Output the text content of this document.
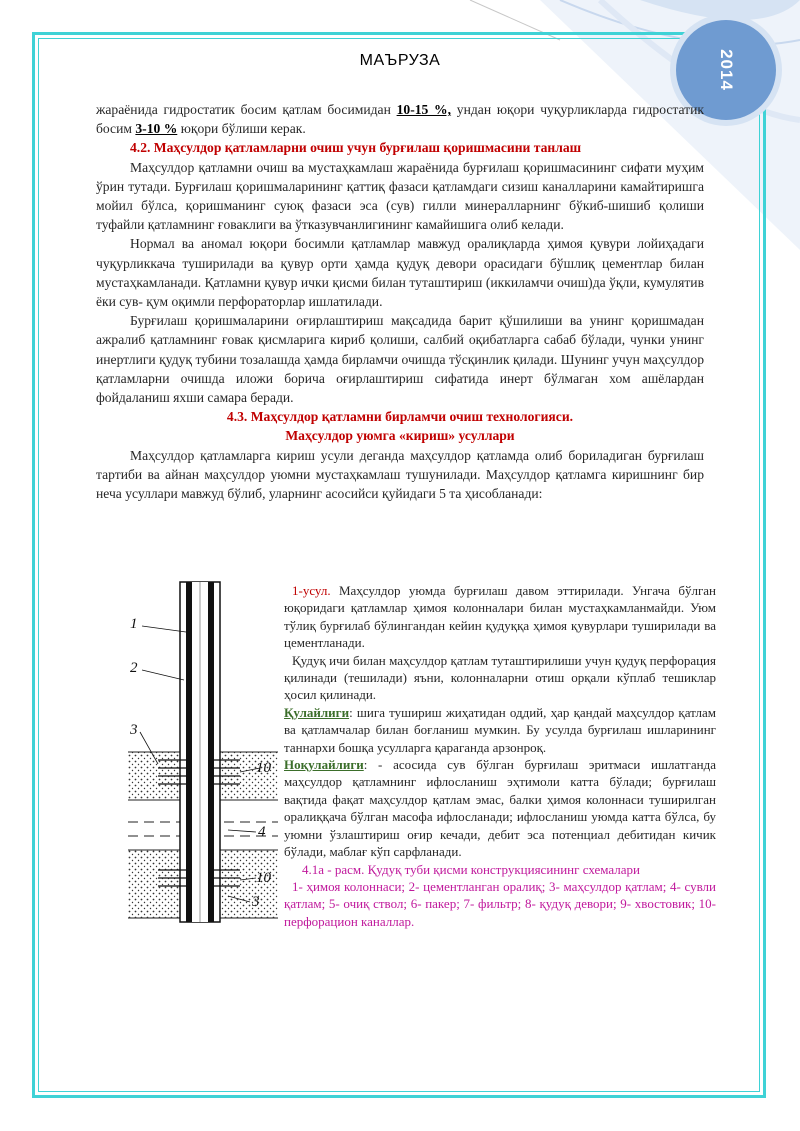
2014
МАЪРУЗА

жараёнида гидростатик босим қатлам босимидан 10-15 %, ундан юқори чуқурликларда гидростатик босим 3-10 % юқори бўлиши керак.

4.2. Маҳсулдор қатламларни очиш учун бурғилаш қоришмасини танлаш

Маҳсулдор қатламни очиш ва мустаҳкамлаш жараёнида бурғилаш қоришмасининг сифати муҳим ўрин тутади. Бурғилаш қоришмаларининг қаттиқ фазаси қатламдаги сизиш каналларини камайтиришга мойил бўлса, қоришманинг суюқ фазаси эса (сув) гилли минералларнинг бўкиб-шишиб қолиши туфайли қатламнинг ғоваклиги ва ўтказувчанлигининг камайишига олиб келади.

Нормал ва аномал юқори босимли қатламлар мавжуд оралиқларда ҳимоя қувури лойиҳадаги чуқурликкача туширилади ва қувур орти ҳамда қудуқ девори орасидаги бўшлиқ цементлар билан мустаҳкамланади. Қатламни қувур ички қисми билан туташтириш (иккиламчи очиш)да ўқли, кумулятив ёки сув- қум оқимли перфораторлар ишлатилади.

Бурғилаш қоришмаларини оғирлаштириш мақсадида барит қўшилиши ва унинг қоришмадан ажралиб қатламнинг ғовак қисмларига кириб қолиши, салбий оқибатларга сабаб бўлади, чунки унинг инертлиги қудуқ тубини тозалашда ҳамда бирламчи очишда тўсқинлик қилади. Шунинг учун маҳсулдор қатламларни очишда иложи борича оғирлаштириш сифатида инерт бўлмаган хом ашёлардан фойдаланиш яхши самара беради.

4.3. Маҳсулдор қатламни бирламчи очиш технологияси.

Маҳсулдор уюмга «кириш» усуллари

Маҳсулдор қатламларга кириш усули деганда маҳсулдор қатламда олиб бориладиган бурғилаш тартиби ва айнан маҳсулдор уюмни мустаҳкамлаш тушунилади. Маҳсулдор қатламга киришнинг бир неча усуллари мавжуд бўлиб, уларнинг асосийси қуйидаги 5 та ҳисобланади:

1
2
3
10
4
10
3

1-усул. Маҳсулдор уюмда бурғилаш давом эттирилади. Унгача бўлган юқоридаги қатламлар ҳимоя колонналари билан мустаҳкамланмайди. Уюм тўлиқ бурғилаб бўлингандан кейин қудуққа ҳимоя қувурлари туширилади ва цементланади.

Қудуқ ичи билан маҳсулдор қатлам туташтирилиши учун қудуқ перфорация қилинади (тешилади) яъни, колонналарни отиш орқали кўплаб тешиклар ҳосил қилинади.

Қулайлиги: шига тушириш жиҳатидан оддий, ҳар қандай маҳсулдор қатлам ва қатламчалар билан боғланиш мумкин. Бу усулда бурғилаш ишларининг таннархи бошқа усулларга қараганда арзонроқ.

Ноқулайлиги: - асосида сув бўлган бурғилаш эритмаси ишлатганда маҳсулдор қатламнинг ифлосланиш эҳтимоли катта бўлади; бурғилаш вақтида фақат маҳсулдор қатлам эмас, балки ҳимоя колоннаси туширилган оралиққача бўлган масофа ифлосланади; ифлосланиш уюмда катта бўлса, бу уюмни ўзлаштириш оғир кечади, дебит эса потенциал дебитидан кичик бўлади, маблағ кўп сарфланади.

4.1а - расм. Қудуқ туби қисми конструкциясининг схемалари

1- ҳимоя колоннаси; 2- цементланган оралиқ; 3- маҳсулдор қатлам; 4- сувли қатлам; 5- очиқ ствол; 6- пакер; 7- фильтр; 8- қудуқ девори; 9- хвостовик; 10- перфорацион каналлар.
